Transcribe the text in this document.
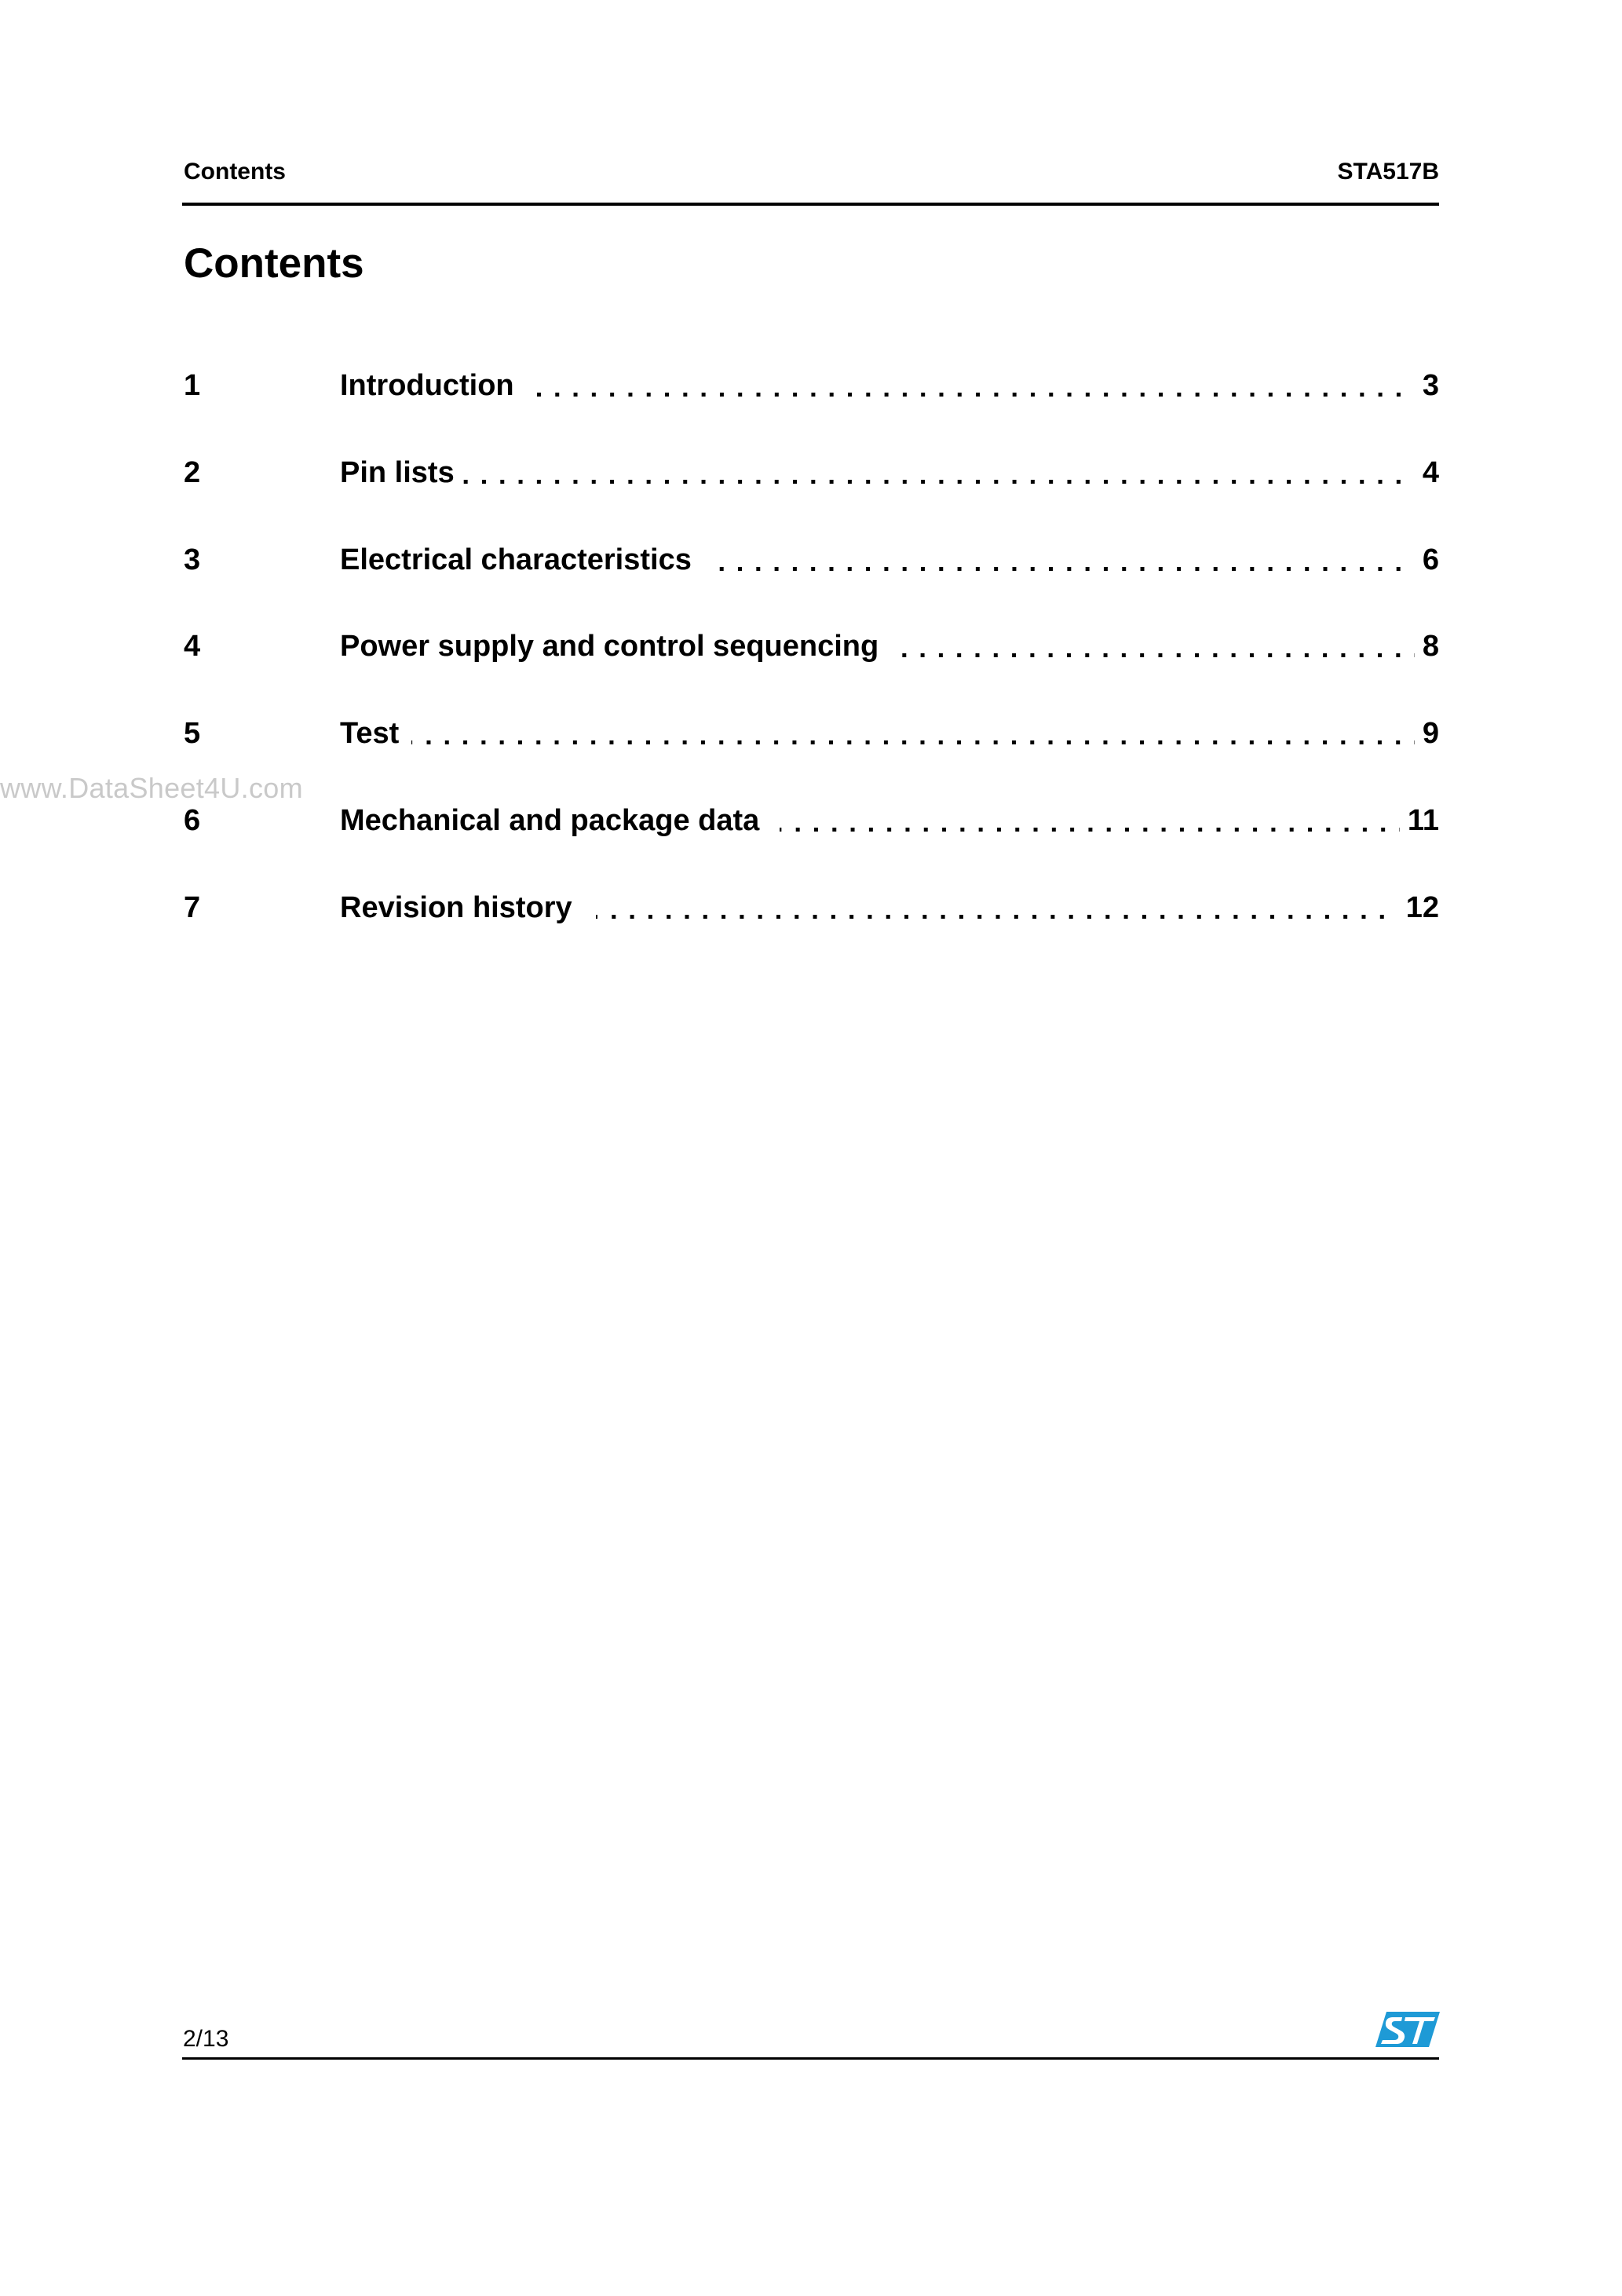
Contents	STA517B
Contents
1	Introduction	3
2	Pin lists	4
3	Electrical characteristics	6
4	Power supply and control sequencing	8
5	Test	9
6	Mechanical and package data	11
7	Revision history	12
www.DataSheet4U.com
2/13
